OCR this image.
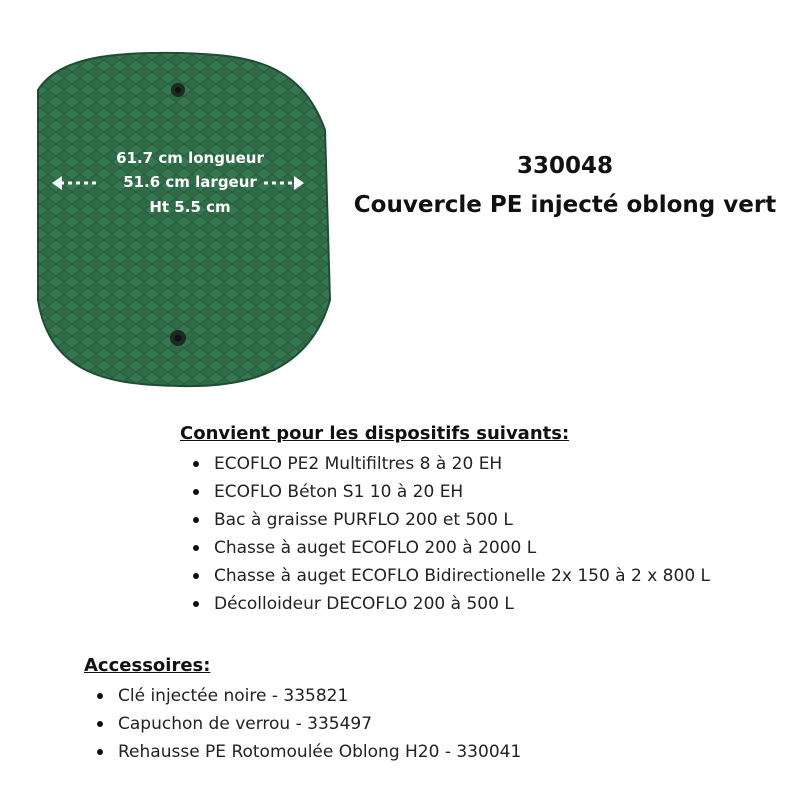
61.7 cm longueur
51.6 cm largeur
Ht 5.5 cm
330048
Couvercle PE injecté oblong vert
Convient pour les dispositifs suivants:
ECOFLO PE2 Multifiltres 8 à 20 EH
ECOFLO Béton S1 10 à 20 EH
Bac à graisse PURFLO 200 et 500 L
Chasse à auget ECOFLO 200 à 2000 L
Chasse à auget ECOFLO Bidirectionelle 2x 150 à 2 x 800 L
Décolloideur DECOFLO 200 à 500 L
Accessoires:
Clé injectée noire - 335821
Capuchon de verrou - 335497
Rehausse PE Rotomoulée Oblong H20 - 330041
